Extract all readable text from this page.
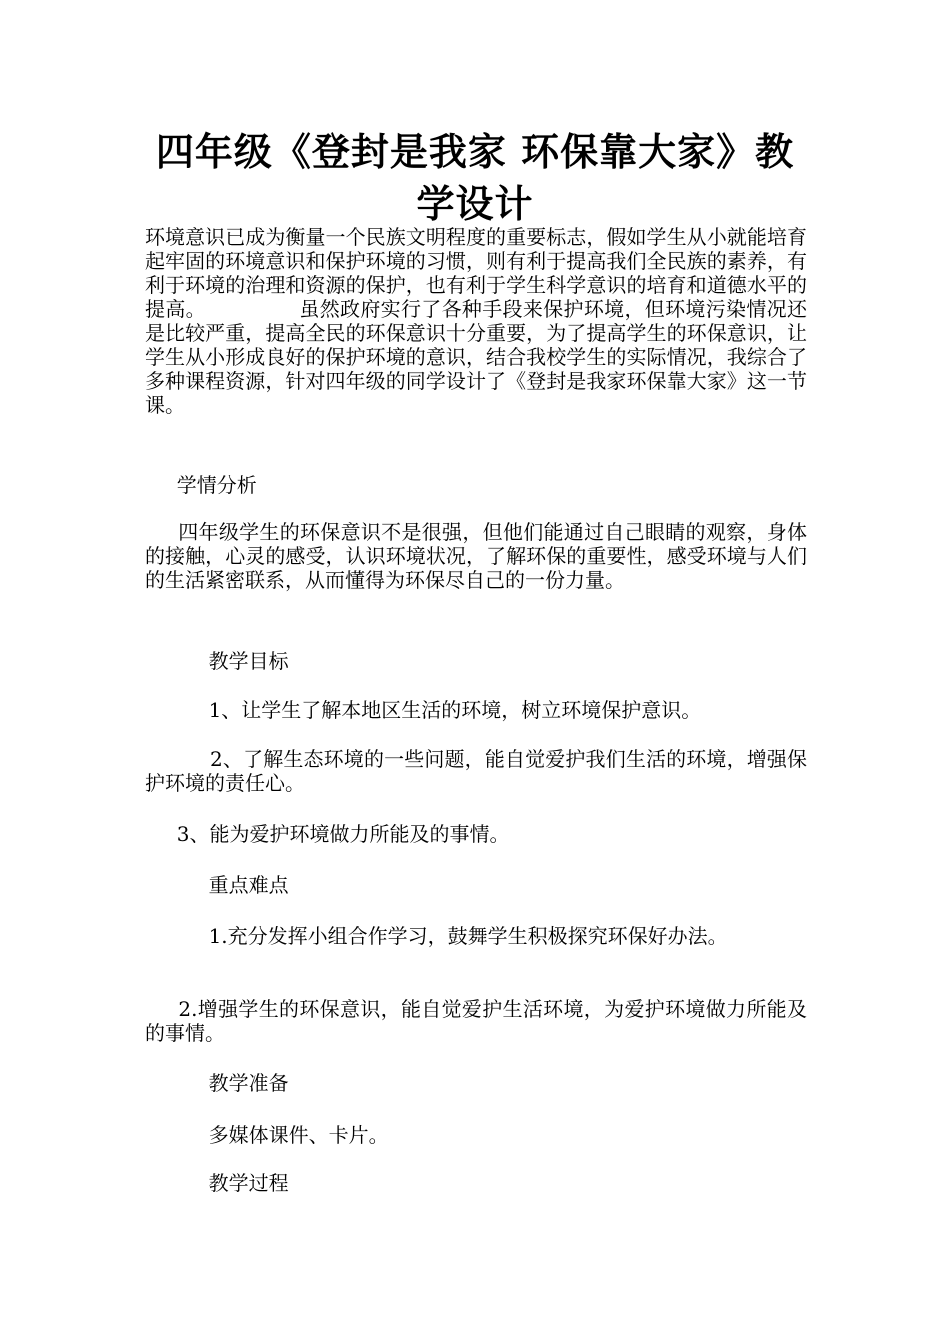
四年级《登封是我家 环保靠大家》教学设计

环境意识已成为衡量一个民族文明程度的重要标志，假如学生从小就能培育起牢固的环境意识和保护环境的习惯，则有利于提高我们全民族的素养，有利于环境的治理和资源的保护，也有利于学生科学意识的培育和道德水平的提高。              虽然政府实行了各种手段来保护环境，但环境污染情况还是比较严重，提高全民的环保意识十分重要，为了提高学生的环保意识，让学生从小形成良好的保护环境的意识，结合我校学生的实际情况，我综合了多种课程资源，针对四年级的同学设计了《登封是我家环保靠大家》这一节课。

学情分析

四年级学生的环保意识不是很强，但他们能通过自己眼睛的观察，身体的接触，心灵的感受，认识环境状况，了解环保的重要性，感受环境与人们的生活紧密联系，从而懂得为环保尽自己的一份力量。

教学目标

1、让学生了解本地区生活的环境，树立环境保护意识。

2、了解生态环境的一些问题，能自觉爱护我们生活的环境，增强保护环境的责任心。

3、能为爱护环境做力所能及的事情。

重点难点

1.充分发挥小组合作学习，鼓舞学生积极探究环保好办法。

2.增强学生的环保意识，能自觉爱护生活环境，为爱护环境做力所能及的事情。

教学准备

多媒体课件、卡片。

教学过程
